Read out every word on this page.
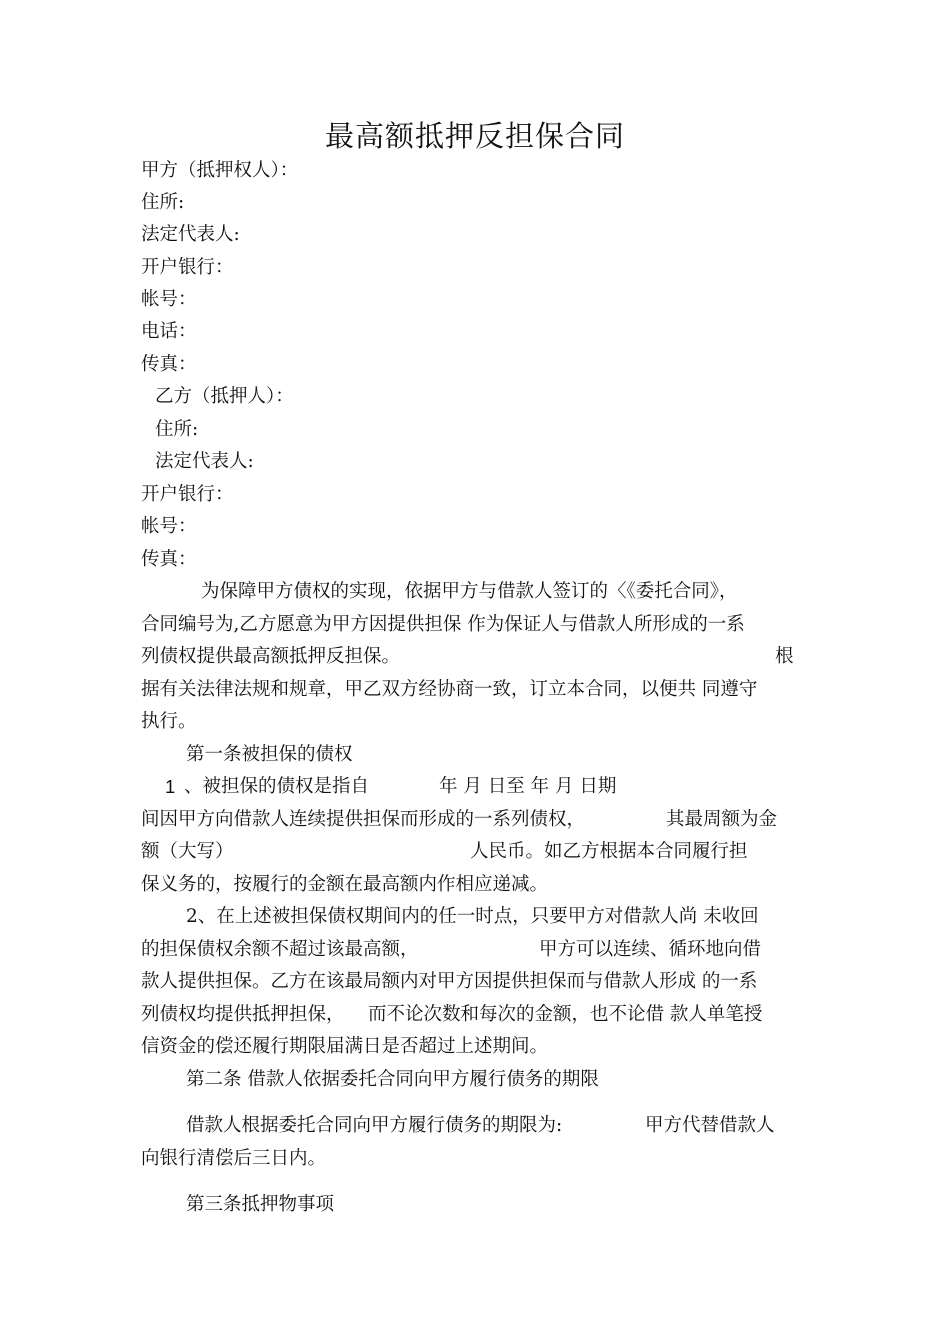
最高额抵押反担保合同
甲方（抵押权人）：
住所:
法定代表人:
开户银行：
帐号：
电话：
传真：
乙方（抵押人）：
住所:
法定代表人:
开户银行：
帐号：
传真：
为保障甲方债权的实现，依据甲方与借款人签订的〈《委托合同》，
合同编号为,乙方愿意为甲方因提供担保 作为保证人与借款人所形成的一系
列债权提供最高额抵押反担保。	根
据有关法律法规和规章，甲乙双方经协商一致，订立本合同，以便共 同遵守
执行。
第一条被担保的债权
1 、被担保的债权是指自	年 月 日至 年 月 日期
间因甲方向借款人连续提供担保而形成的一系列债权，	其最周额为金
额（大写）	人民币。如乙方根据本合同履行担
保义务的，按履行的金额在最高额内作相应递减。
2、在上述被担保债权期间内的任一时点，只要甲方对借款人尚 未收回
的担保债权余额不超过该最高额，	甲方可以连续、循环地向借
款人提供担保。乙方在该最局额内对甲方因提供担保而与借款人形成 的一系
列债权均提供抵押担保， 而不论次数和每次的金额，也不论借 款人单笔授
信资金的偿还履行期限届满日是否超过上述期间。
第二条 借款人依据委托合同向甲方履行债务的期限
借款人根据委托合同向甲方履行债务的期限为:	甲方代替借款人
向银行清偿后三日内。
第三条抵押物事项
